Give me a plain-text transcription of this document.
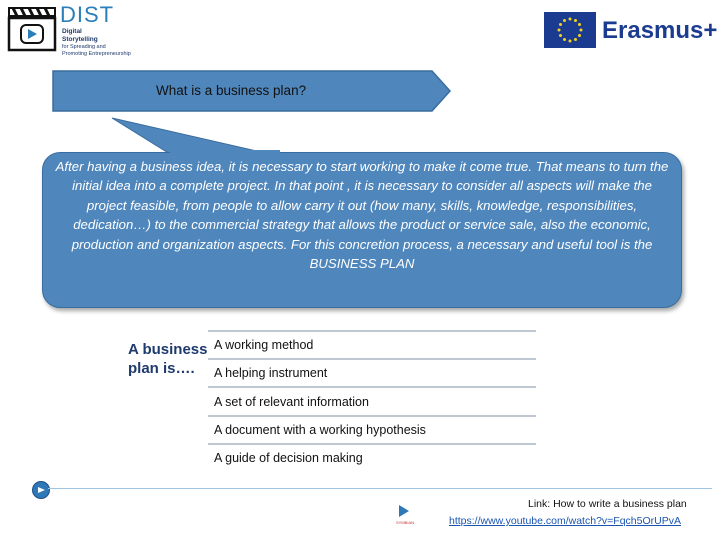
DIST
Digital
Storytelling
for Spreading and
Promoting Entrepreneurship
Erasmus+
What is a business plan?
After having a business idea, it is necessary to start working to make it come true. That means to turn the initial idea into a complete project. In that point , it is necessary to consider all aspects will make the project feasible, from people to allow carry it out (how many, skills, knowledge, responsibilities, dedication…) to the commercial strategy that allows the product or service sale, also the economic, production and organization aspects. For this concretion process, a necessary and useful tool is the BUSINESS PLAN
A business plan is….
A working method
A helping instrument
A set of relevant information
A document with a working hypothesis
A guide of decision making
SYMBIAN
Link: How to write a business plan
https://www.youtube.com/watch?v=Fqch5OrUPvA
